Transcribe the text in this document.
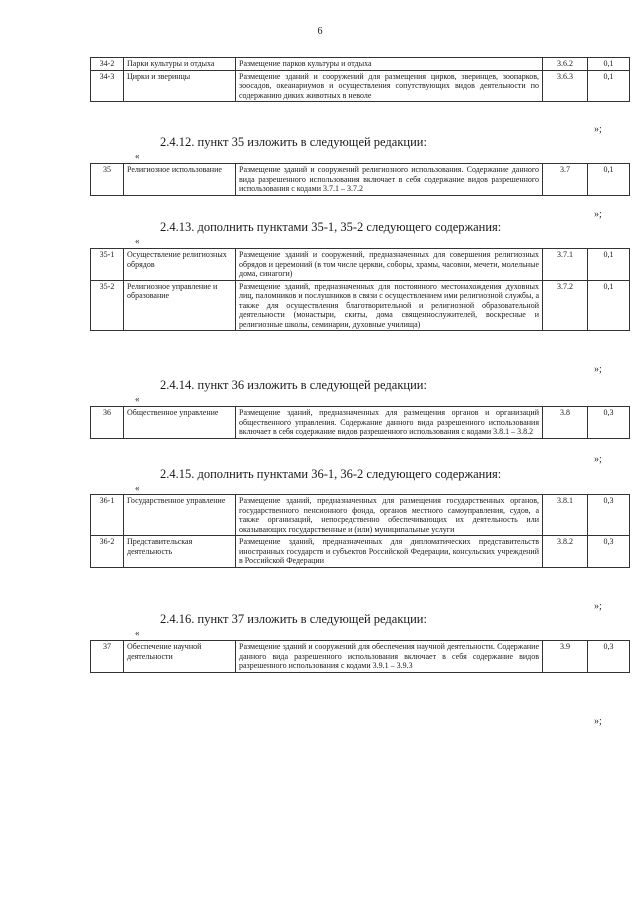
6
34-2	Парки культуры и отдыха	Размещение парков культуры и отдыха	3.6.2	0,1
34-3	Цирки и зверинцы	Размещение зданий и сооружений для размещения цирков, зверинцев, зоопарков, зоосадов, океанариумов и осуществления сопутствующих видов деятельности по содержанию диких животных в неволе	3.6.3	0,1
»;
2.4.12. пункт 35 изложить в следующей редакции:
«
35	Религиозное использование	Размещение зданий и сооружений религиозного использования. Содержание данного вида разрешенного использования включает в себя содержание видов разрешенного использования с кодами 3.7.1 – 3.7.2	3.7	0,1
»;
2.4.13. дополнить пунктами 35-1, 35-2 следующего содержания:
«
35-1	Осуществление религиозных обрядов	Размещение зданий и сооружений, предназначенных для совершения религиозных обрядов и церемоний (в том числе церкви, соборы, храмы, часовни, мечети, молельные дома, синагоги)	3.7.1	0,1
35-2	Религиозное управление и образование	Размещение зданий, предназначенных для постоянного местонахождения духовных лиц, паломников и послушников в связи с осуществлением ими религиозной службы, а также для осуществления благотворительной и религиозной образовательной деятельности (монастыри, скиты, дома священнослужителей, воскресные и религиозные школы, семинарии, духовные училища)	3.7.2	0,1
»;
2.4.14. пункт 36 изложить в следующей редакции:
«
36	Общественное управление	Размещение зданий, предназначенных для размещения органов и организаций общественного управления. Содержание данного вида разрешенного использования включает в себя содержание видов разрешенного использования с кодами 3.8.1 – 3.8.2	3.8	0,3
»;
2.4.15. дополнить пунктами 36-1, 36-2 следующего содержания:
«
36-1	Государственное управление	Размещение зданий, предназначенных для размещения государственных органов, государственного пенсионного фонда, органов местного самоуправления, судов, а также организаций, непосредственно обеспечивающих их деятельность или оказывающих государственные и (или) муниципальные услуги	3.8.1	0,3
36-2	Представительская деятельность	Размещение зданий, предназначенных для дипломатических представительств иностранных государств и субъектов Российской Федерации, консульских учреждений в Российской Федерации	3.8.2	0,3
»;
2.4.16. пункт 37 изложить в следующей редакции:
«
37	Обеспечение научной деятельности	Размещение зданий и сооружений для обеспечения научной деятельности. Содержание данного вида разрешенного использования включает в себя содержание видов разрешенного использования с кодами 3.9.1 – 3.9.3	3.9	0,3
»;
